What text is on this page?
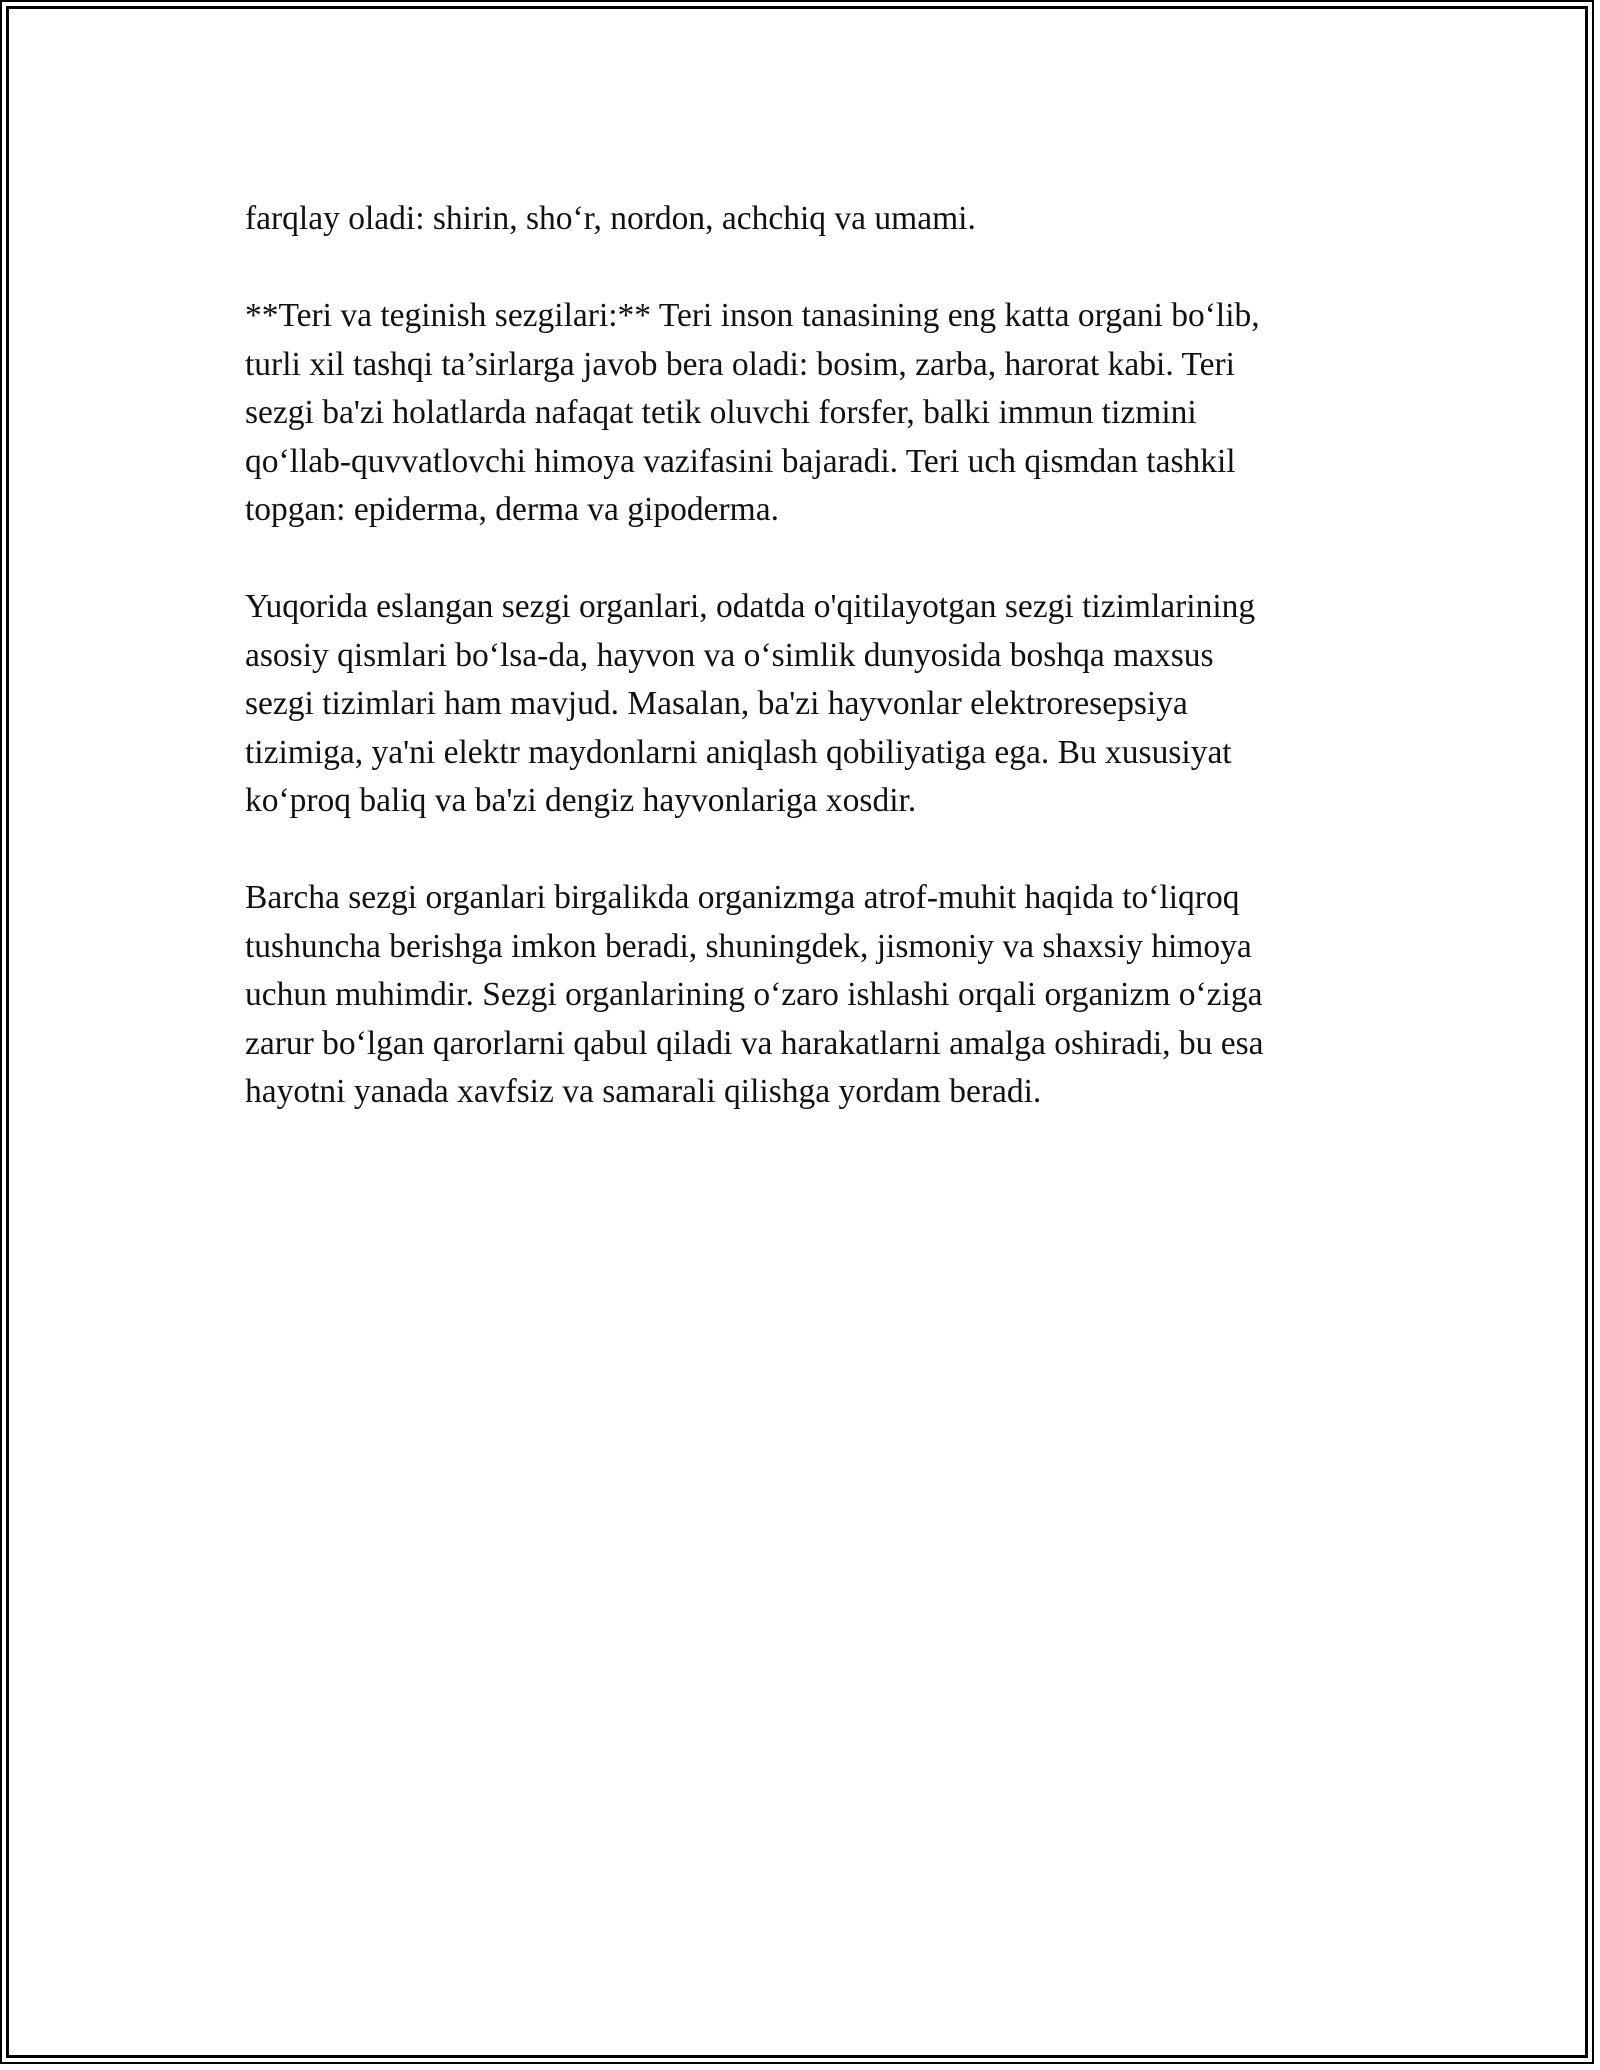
farqlay oladi: shirin, sho‘r, nordon, achchiq va umami.

**Teri va teginish sezgilari:** Teri inson tanasining eng katta organi bo‘lib,
turli xil tashqi ta’sirlarga javob bera oladi: bosim, zarba, harorat kabi. Teri
sezgi ba'zi holatlarda nafaqat tetik oluvchi forsfer, balki immun tizmini
qo‘llab-quvvatlovchi himoya vazifasini bajaradi. Teri uch qismdan tashkil
topgan: epiderma, derma va gipoderma.

Yuqorida eslangan sezgi organlari, odatda o'qitilayotgan sezgi tizimlarining
asosiy qismlari bo‘lsa-da, hayvon va o‘simlik dunyosida boshqa maxsus
sezgi tizimlari ham mavjud. Masalan, ba'zi hayvonlar elektroresepsiya
tizimiga, ya'ni elektr maydonlarni aniqlash qobiliyatiga ega. Bu xususiyat
ko‘proq baliq va ba'zi dengiz hayvonlariga xosdir.

Barcha sezgi organlari birgalikda organizmga atrof-muhit haqida to‘liqroq
tushuncha berishga imkon beradi, shuningdek, jismoniy va shaxsiy himoya
uchun muhimdir. Sezgi organlarining o‘zaro ishlashi orqali organizm o‘ziga
zarur bo‘lgan qarorlarni qabul qiladi va harakatlarni amalga oshiradi, bu esa
hayotni yanada xavfsiz va samarali qilishga yordam beradi.
